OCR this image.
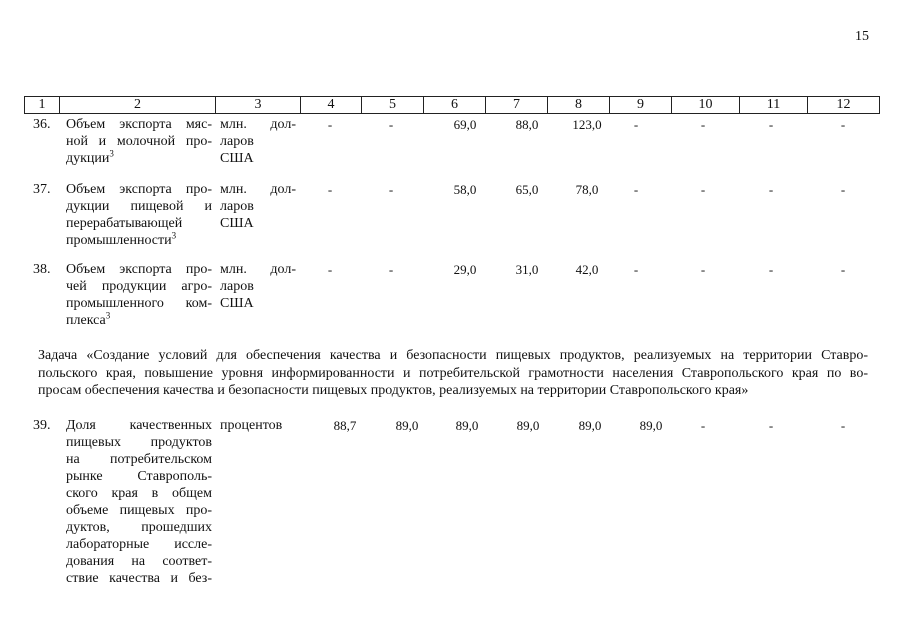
15
1	2	3	4	5	6	7	8	9	10	11	12
36. Объем экспорта мяс-
ной и молочной про-
дукции$^3$
млн. дол-
ларов
США
-	-	69,0	88,0	123,0	-	-	-	-
37. Объем экспорта про-
дукции пищевой и
перерабатывающей
промышленности$^3$
млн. дол-
ларов
США
-	-	58,0	65,0	78,0	-	-	-	-
38. Объем экспорта про-
чей продукции агро-
промышленного ком-
плекса$^3$
млн. дол-
ларов
США
-	-	29,0	31,0	42,0	-	-	-	-
Задача «Создание условий для обеспечения качества и безопасности пищевых продуктов, реализуемых на территории Ставро-
польского края, повышение уровня информированности и потребительской грамотности населения Ставропольского края по во-
просам обеспечения качества и безопасности пищевых продуктов, реализуемых на территории Ставропольского края»
39. Доля качественных
пищевых продуктов
на потребительском
рынке Ставрополь-
ского края в общем
объеме пищевых про-
дуктов, прошедших
лабораторные иссле-
дования на соответ-
ствие качества и без-
процентов	88,7	89,0	89,0	89,0	89,0	89,0	-	-	-
